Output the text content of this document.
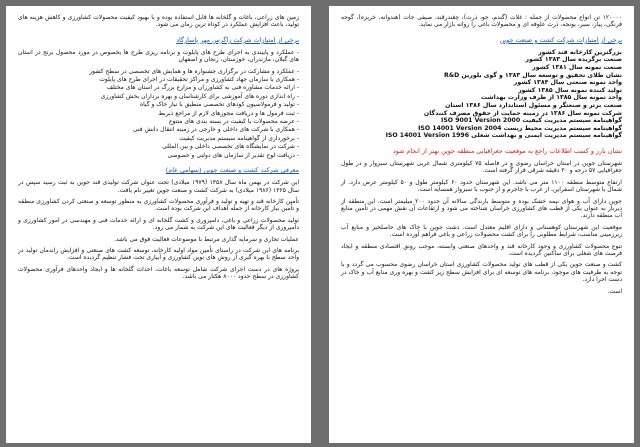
زمین های زراعی، باغات و گلخانه ها قابل استفاده بوده و با بهبود کیفیت محصولات کشاورزی و کاهش هزینه های تولید، باعث افزایش عملکرد در کوتاه ترین زمان می شود.

برخی از امتیازات شرکت زاگرس مهر پاسارگاد

- عملکرد و پایبندی به اجرای طرح های پایلوت و برنامه ریزی طرح ها بخصوص در مورد محصول برنج در استان های گیلان، مازندران، خوزستان، زنجان و اصفهان

- عملکرد و مشارکت در برگزاری جشنواره ها و همایش های تخصصی در سطح کشور
- همکاری با سازمان جهاد کشاورزی و مراکز تحقیقات در اجرای طرح های پایلوت
- ارائه خدمات مشاوره فنی به کشاورزان و مزارع بزرگ در استان های مختلف
- راه اندازی دوره های آموزشی برای کارشناسان و بهره برداران بخش کشاورزی
- تولید و فرمولاسیون کودهای تخصصی منطبق با نیاز خاک و گیاه
- ثبت فرمول ها و دریافت مجوزهای لازم از مراجع ذیربط
- عرضه محصولات با کیفیت در بسته بندی های متنوع
- همکاری با شرکت های داخلی و خارجی در زمینه انتقال دانش فنی
- برخورداری از گواهینامه سیستم مدیریت کیفیت
- شرکت در نمایشگاه های تخصصی داخلی و بین المللی
- دریافت لوح تقدیر از سازمان های دولتی و خصوصی
معرفی شرکت کشت و صنعت جوین (سهامی عام)

این شرکت در بهمن ماه سال ۱۳۵۸ (۱۹۷۹ میلادی) تحت عنوان شرکت تولیدی قند جوین به ثبت رسید سپس در سال ۱۳۶۵ (۱۹۸۶ میلادی) به شرکت کشت و صنعت جوین تغییر نام یافت.

تأمین کارخانه قند و تهیه و تولید و فرآوری محصولات کشاورزی به منظور توسعه و صنعتی کردن کشاورزی منطقه و تأمین نیاز کارخانه از جمله اهداف این شرکت بوده است.

تولید محصولات زراعی و باغی، دامپروری و کشت گلخانه ای و ارائه خدمات فنی و مهندسی در امور کشاورزی و دامپروری از دیگر فعالیت های این شرکت به شمار می رود.

عملیات تجاری و سرمایه گذاری مرتبط با موضوعات فعالیت فوق می باشد.

برنامه های این شرکت در راستای تأمین مواد اولیه کارخانه، توسعه کشت های صنعتی و افزایش راندمان تولید در واحد سطح با بهره گیری از روش های نوین کشاورزی و آبیاری تحت فشار تنظیم گردیده است.

پروژه های در دست اجرای شرکت شامل توسعه باغات، احداث گلخانه ها و ایجاد واحدهای فرآوری محصولات کشاورزی در سطح حدود ۸۰۰۰ هکتار می باشد.

۱۲۰۰۰۰ تن انواع محصولات از جمله : غلات (گندم، جو، ذرت)، چغندرقند، صیفی جات (هندوانه، خربزه)، گوجه فرنگی، پیاز، سیر، یونجه، ذرت علوفه ای و محصولات باغی را روانه بازار می نماید.

برخی از امتیازات شرکت کشت و صنعت جوین
بزرگترین کارخانه قند کشور
صنعت برگزیده سال ۱۳۸۳ کشور
صنعت نمونه سال ۱۳۸۱ کشور
نشان طلای تحقیق و توسعه سال ۱۳۸۳ و گوی بلورین R&D
واحد نمونه صنعتی سال ۱۳۸۴ کشور
تولید کننده نمونه سال ۱۳۸۵ کشور
واحد نمونه سال ۱۳۸۵ از طرف وزارت بهداشت
صنعت برتر و صنعتگر و مسئول استاندارد سال ۱۳۸۶ استان
شرکت نمونه سال ۱۳۸۶ در زمینه حمایت از حقوق مصرف کنندگان
گواهینامه سیستم مدیریت کیفیت ISO 9001 Version 2000
گواهینامه سیستم مدیریت محیط زیست ISO 14001 Version 2004
گواهینامه سیستم مدیریت ایمنی و بهداشت شغلی ISO 14001 Version 1996
نشان بارز و کسب اطلاعات راجع به موقعیت جغرافیایی منطقه جوین بهتر از انجام شود

شهرستان جوین در استان خراسان رضوی و در فاصله ۷۵ کیلومتری شمال غربی شهرستان سبزوار و در طول جغرافیایی ۵۷ درجه و ۳۰ دقیقه شرقی قرار گرفته است.

ارتفاع متوسط منطقه ۱۱۰۰ متر می باشد. این شهرستان حدود ۶۰ کیلومتر طول و ۵۰ کیلومتر عرض دارد. از شمال با شهرستان اسفراین، از غرب با جاجرم و از جنوب با سبزوار همسایه است.

جوین دارای آب و هوای نیمه خشک بوده و متوسط بارندگی سالانه آن حدود ۲۰۰ میلیمتر است. این منطقه از دیرباز به عنوان یکی از قطب های کشاورزی خراسان شناخته می شود و ارتفاعات آن نقش مهمی در تأمین منابع آب منطقه دارند.

موقعیت این شهرستان کوهستانی و دارای اقلیم معتدل است. دشت جوین با خاک های حاصلخیز و منابع آب زیرزمینی مناسب، شرایط مطلوبی را برای کشت محصولات زراعی و باغی فراهم آورده است.

تنوع محصولات کشاورزی و وجود کارخانه قند و واحدهای صنعتی وابسته، موجب رونق اقتصادی منطقه و ایجاد فرصت های شغلی برای ساکنین گردیده است.

کشت و صنعت جوین یکی از قطب های تولید محصولات کشاورزی استان خراسان رضوی محسوب می گردد و با توجه به ظرفیت های موجود، برنامه های توسعه ای برای افزایش سطح زیر کشت و بهره وری منابع آب و خاک در دست اجرا دارد.

است.
